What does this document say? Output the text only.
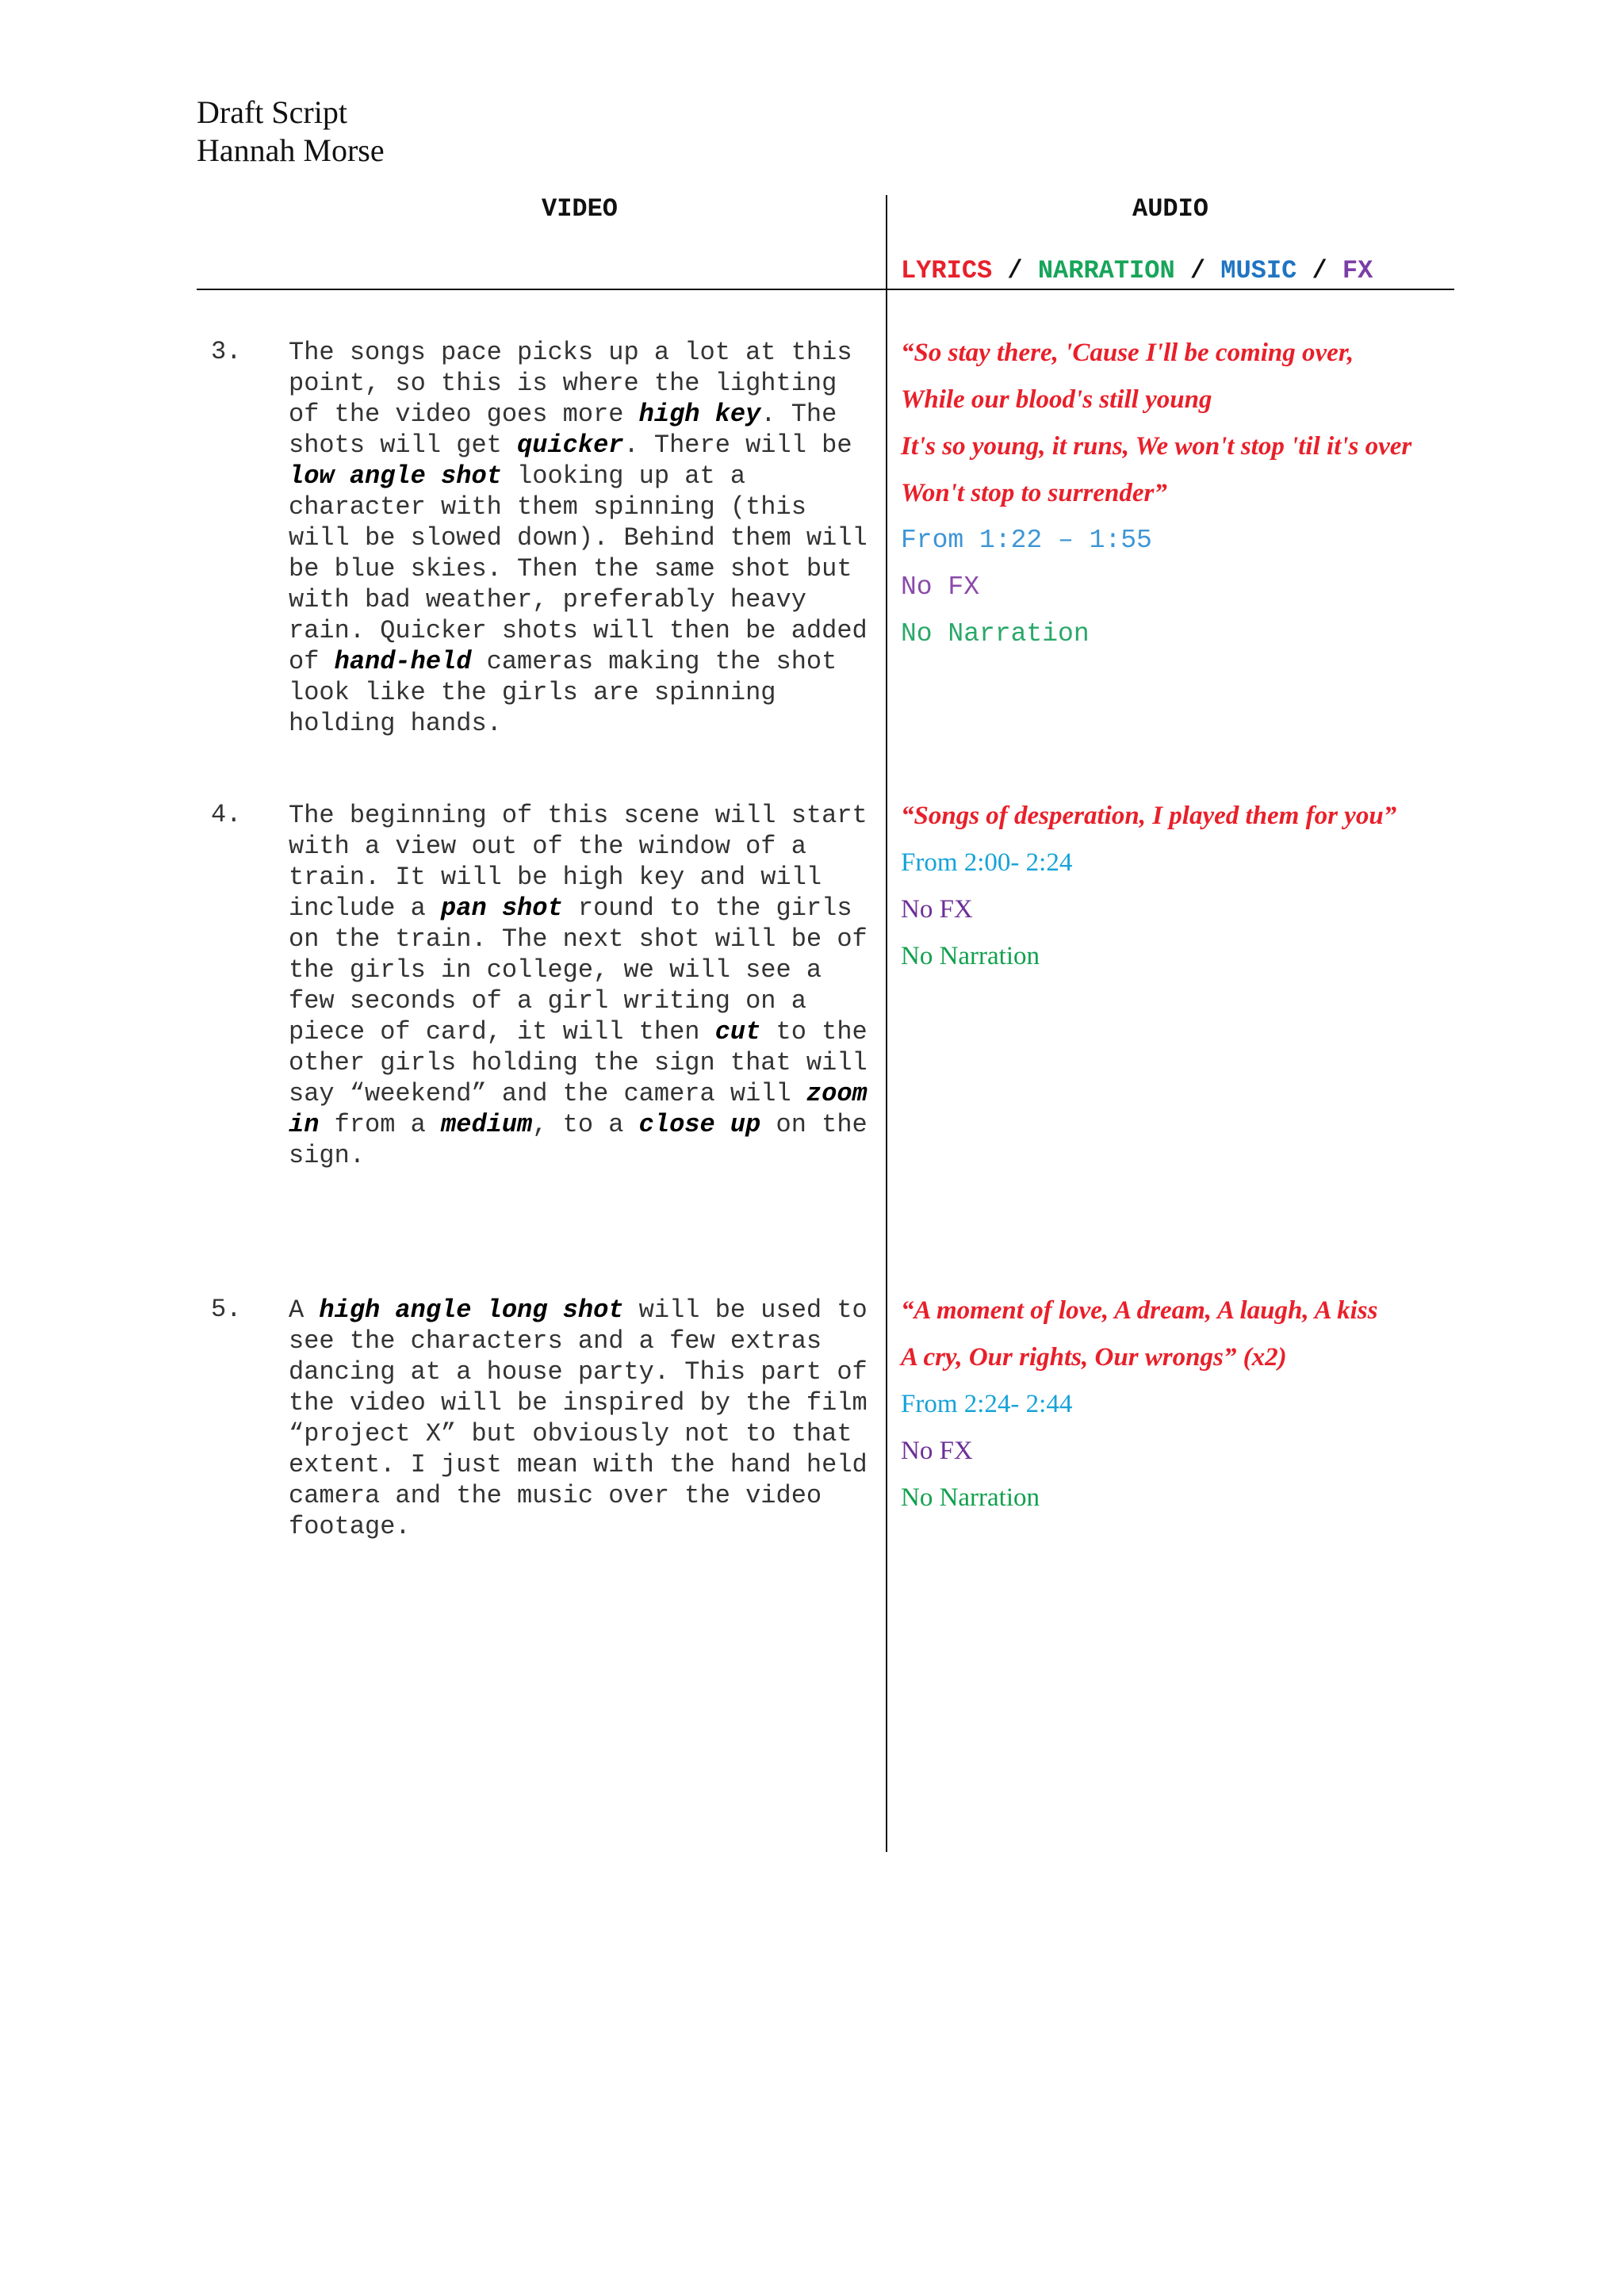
Draft Script
Hannah Morse
VIDEO	AUDIO
LYRICS / NARRATION / MUSIC / FX
3. The songs pace picks up a lot at this point, so this is where the lighting of the video goes more high key. The shots will get quicker. There will be low angle shot looking up at a character with them spinning (this will be slowed down). Behind them will be blue skies. Then the same shot but with bad weather, preferably heavy rain. Quicker shots will then be added of hand-held cameras making the shot look like the girls are spinning holding hands.
“So stay there, 'Cause I'll be coming over,
While our blood's still young
It's so young, it runs, We won't stop 'til it's over
Won't stop to surrender”
From 1:22 – 1:55
No FX
No Narration
4. The beginning of this scene will start with a view out of the window of a train. It will be high key and will include a pan shot round to the girls on the train. The next shot will be of the girls in college, we will see a few seconds of a girl writing on a piece of card, it will then cut to the other girls holding the sign that will say “weekend” and the camera will zoom in from a medium, to a close up on the sign.
“Songs of desperation, I played them for you”
From 2:00- 2:24
No FX
No Narration
5. A high angle long shot will be used to see the characters and a few extras dancing at a house party. This part of the video will be inspired by the film “project X” but obviously not to that extent. I just mean with the hand held camera and the music over the video footage.
“A moment of love, A dream, A laugh, A kiss
A cry, Our rights, Our wrongs” (x2)
From 2:24- 2:44
No FX
No Narration
